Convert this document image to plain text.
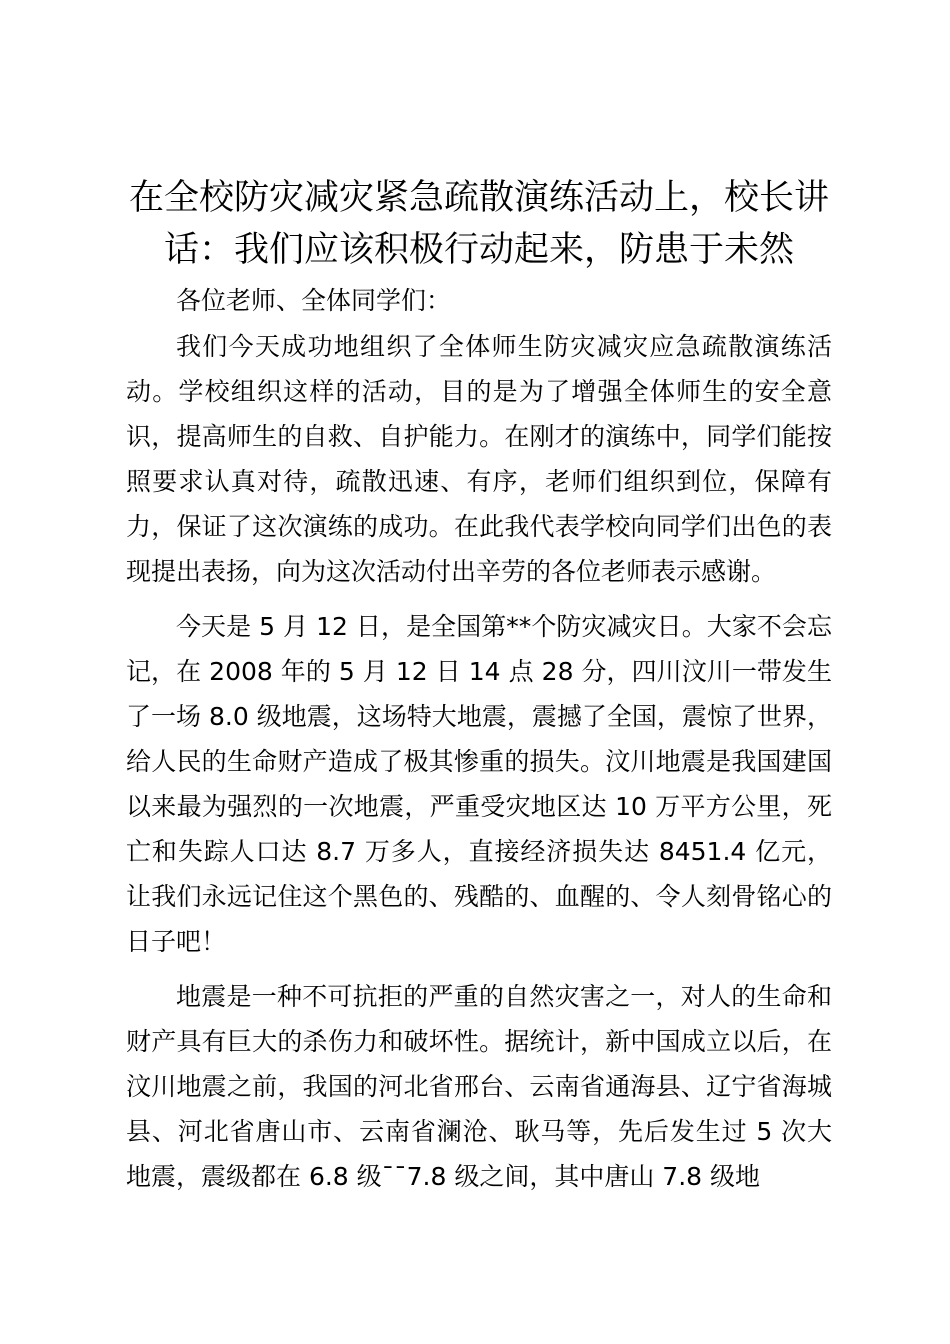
在全校防灾减灾紧急疏散演练活动上，校长讲话：我们应该积极行动起来，防患于未然

各位老师、全体同学们：

我们今天成功地组织了全体师生防灾减灾应急疏散演练活动。学校组织这样的活动，目的是为了增强全体师生的安全意识，提高师生的自救、自护能力。在刚才的演练中，同学们能按照要求认真对待，疏散迅速、有序，老师们组织到位，保障有力，保证了这次演练的成功。在此我代表学校向同学们出色的表现提出表扬，向为这次活动付出辛劳的各位老师表示感谢。

今天是 5 月 12 日，是全国第**个防灾减灾日。大家不会忘记，在 2008 年的 5 月 12 日 14 点 28 分，四川汶川一带发生了一场 8.0 级地震，这场特大地震，震撼了全国，震惊了世界，给人民的生命财产造成了极其惨重的损失。汶川地震是我国建国以来最为强烈的一次地震，严重受灾地区达 10 万平方公里，死亡和失踪人口达 8.7 万多人，直接经济损失达 8451.4 亿元，让我们永远记住这个黑色的、残酷的、血醒的、令人刻骨铭心的日子吧！

地震是一种不可抗拒的严重的自然灾害之一，对人的生命和财产具有巨大的杀伤力和破坏性。据统计，新中国成立以后，在汶川地震之前，我国的河北省邢台、云南省通海县、辽宁省海城县、河北省唐山市、云南省澜沧、耿马等，先后发生过 5 次大地震，震级都在 6.8 级¯¯7.8 级之间，其中唐山 7.8 级地
